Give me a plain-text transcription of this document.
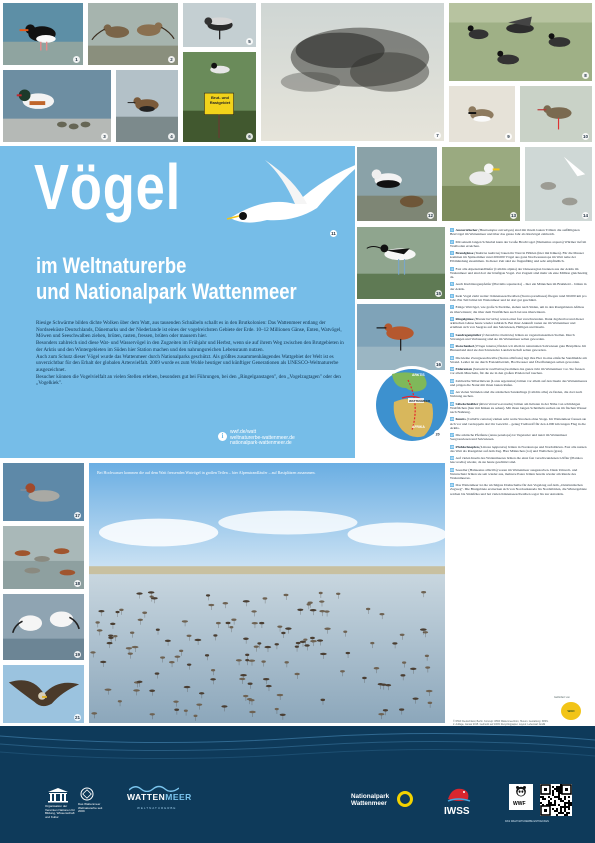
1	2
5
7
8
3	4
Brut- und
Rastgebiet
6	9	10
11
Vögel
im Weltnaturerbe
und Nationalpark Wattenmeer
Riesige Schwärme bilden dichte Wolken über dem Watt, aus tausenden Schnäbeln schallt es in den Brutkolonien: Das Wattenmeer entlang der Nordseeküste Deutschlands, Dänemarks und der Niederlande ist eines der vogelreichsten Gebiete der Erde. 10–12 Millionen Gänse, Enten, Watvögel, Möwen und Seeschwalben ziehen, brüten, rasten, fressen, brüten oder mausern hier.
Besonders zahlreich sind diese Wat- und Wasservögel in den Zugzeiten im Frühjahr und Herbst, wenn sie auf ihrem Weg zwischen den Brutgebieten in der Arktis und den Wintergebieten im Süden hier Station machen und den nahrungsreichen Lebensraum nutzen.
Auch zum Schutz dieser Vögel wurde das Wattenmeer durch Nationalparks geschützt. Als größtes zusammenhängendes Wattgebiet der Welt ist es unverzichtbar für den Erhalt der globalen Artenvielfalt. 2009 wurde es zum Wohle heutiger und künftiger Generationen als UNESCO-Weltnaturerbe ausgezeichnet.
Besucher können die Vogelvielfalt an vielen Stellen erleben, besonders gut bei Führungen, bei den „Ringelganstagen", den „Vogelzugtagen" oder den „Vogelkiek".
i	wwf.de/watt
weltnaturerbe-wattenmeer.de
nationalpark-wattenmeer.de
12	13	14
15
16
ARKTIS
WATTENMEER
AFRIKA
20

1 Austernfischer (Haematopus ostralegus) sind mit ihrem lauten Trillern die auffälligsten Brutvögel im Wattenmeer und über das ganze Jahr als Rastvögel zahlreich.

2 Mit seinem langen Schnabel kann der Große Brachvogel (Numenius arquata) Würmer tief im Wattboden erreichen.

3 Brandgänse (Tadorna tadorna) bauen ihr Nest in Höhlen (hier mit Küken). Für die Mauser kommen im Spätsommer rund 200.000 Vögel aus ganz Nordwesteuropa im Watt nahe der Elbmündung zusammen. In dieser Zeit sind sie flugunfähig und sehr empfindlich.

4 Fast alle Alpenstrandläufer (Calidris alpina) der Ostseeregion brennen aus der Arktis im Wattenmeer und sind dort der häufigste Vogel. Zur Zugzeit sind mehr als eine Million gleichzeitig da.

5 Auch Kiebitzregenpfeifer (Pluvialis squatarola) – hier ein Männchen im Brutkleid – brüten in der Arktis.

6 Kein Vogel zieht weiter: Küstenseeschwalben (Sterna paradisaea) fliegen rund 90.000 km pro Jahr. Ein Teil brütet im Wattenmeer und ist dort gut geschützt.

7 Einige Watvögel, wie große Schwärme, ziehen nach Süden, um in den Rastgebieten Afrikas zu überwintern; die über dem Wattflächen auch bei uns überwintern.

8 Ringelgänse (Branta bernicla) waren einst fast verschwunden. Dank Jagdverbot und dieser arktischen Gänse heute wieder zahlreich. Bei ihrer Ankunft rasten sie im Wattenmeer und ernähren sich von Seegras auf den Salzwiesen, Halligen und Inseln.

9 Sandregenpfeifer (Charadrius hiaticula) brüten an vegetationsarmen Stellen. Durch Störungen und Verbauung sind sie im Wattenmeer selten geworden.

10 Rotschenkel (Tringa totanus) finden wir allem in naturnahen Salzwiesen gute Brutplätze. Im Binnenland sind sie durch intensive Landwirtschaft selten geworden.

11 Die kleine Zwergseeschwalbe (Sterna albifrons) legt ihre Eier in eine einfache Sandmulde am Strand. Leider ist sie durch Freizeitbetrieb, Hochwasser und Überflutungen selten geworden.

12 Eiderenten (Somateria mollissima) kommen das ganze Jahr im Wattenmeer vor. Sie fressen vor allem Muscheln, für die sie in den großen Prielen tief tauchen.

13 Zahlreiche Silbermöwen (Larus argentatus) brüten vor allem auf den Inseln des Wattenmeeres und prägen die Natur mit ihren lauten Rufen.

14 An vielen Stränden sind die arktischen Sanderlinge (Calidris alba) zu finden, die dort nach Nahrung suchen.

15 Säbelschnäbler (Recurvirostra avosetta) brüten am liebsten in der Nähe von schlickigen Wattflächen (hier mit Küken zu sehen). Mit ihren langen Schnäbeln suchen sie im flachen Wasser nach Nahrung.

16 Knutts (Calidris canutus) ziehen sehr weite Strecken ohne Stopp. Im Wattenmeer fressen sie sich vor und verdoppeln dort ihr Gewicht – genug Treibstoff für den 4.000 km langen Flug in die Arktis.

17 Die arktische Pfeifente (Anas penelope) ist Vegetarier und nutzt im Wattenmeer Seegraswiesen und Salzwiesen.

18 Pfuhlschnepfen (Limosa lapponica) brüten in Nordeuropa und Nordsibirien. Fast alle nutzen das Watt als Rastgebiet auf dem Zug. Hier Männchen (rot) und Weibchen (grau).

19 Auf vielen Inseln des Wattenmeeres brüten die einst fast verschwundenen Löffler (Platalea leucorodia) wieder, da sie heute geschützt sind.

20 Seeadler (Haliaeetus albicilla) waren im Wattenmeer ausgestorben. Dank Umwelt- und Naturschutz brüten sie seit wieder aus, mehrere Paare brüten bereits wieder am Rande des Wattenmeeres.

21 Das Wattenmeer ist die wichtigste Drehscheibe für den Vogelzug auf dem „Ostatlantischen Zugweg". Die Brutgebiete erstrecken sich von Nordostkanada bis Nordsibirien, die Wintergebiete reichen bis Südafrika und bei vielen Küstenseeschwalben sogar bis zur Antarktis.

17
18
19
21
Bei Hochwasser kommen die auf dem Watt fressenden Watvögel in großen Teilen – hier Alpenstrandläufer – auf Rastplätzen zusammen.
© WWF Deutschland, Berlin. Konzept: WWF Wattenmeerbüro, Husum. Gestaltung: IWSS. 2. Auflage, Januar 2015. Gedruckt auf 100% Recyclingpapier. Layout: Lebensart Grafik
Gefördert von
WAD
Organisation der Vereinten Nationen für Bildung, Wissenschaft und Kultur
Das Wattenmeer Weltnaturerbe seit 2009
WATTENMEER
WELTNATURERBE
Nationalpark
Wattenmeer
IWSS
WWF
DAS WELTNATURERBE ENTDECKEN
